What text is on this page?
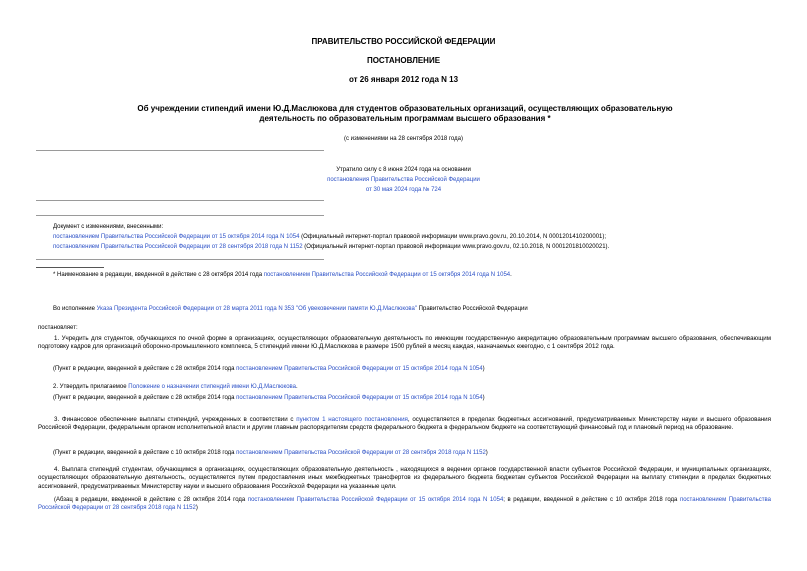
ПРАВИТЕЛЬСТВО РОССИЙСКОЙ ФЕДЕРАЦИИ
ПОСТАНОВЛЕНИЕ
от 26 января 2012 года N 13
Об учреждении стипендий имени Ю.Д.Маслюкова для студентов образовательных организаций, осуществляющих образовательную
деятельность по образовательным программам высшего образования *
(с изменениями на 28 сентября 2018 года)
Утратило силу с 8 июня 2024 года на основании
постановления Правительства Российской Федерации
от 30 мая 2024 года № 724
Документ с изменениями, внесенными:
постановлением Правительства Российской Федерации от 15 октября 2014 года N 1054 (Официальный интернет-портал правовой информации www.pravo.gov.ru, 20.10.2014, N 0001201410200001);
постановлением Правительства Российской Федерации от 28 сентября 2018 года N 1152 (Официальный интернет-портал правовой информации www.pravo.gov.ru, 02.10.2018, N 0001201810020021).
* Наименование в редакции, введенной в действие с 28 октября 2014 года постановлением Правительства Российской Федерации от 15 октября 2014 года N 1054.
Во исполнение Указа Президента Российской Федерации от 28 марта 2011 года N 353 "Об увековечении памяти Ю.Д.Маслюкова" Правительство Российской Федерации
постановляет:
1. Учредить для студентов, обучающихся по очной форме в организациях, осуществляющих образовательную деятельность по имеющим государственную аккредитацию образовательным программам высшего образования, обеспечивающим подготовку кадров для организаций оборонно-промышленного комплекса, 5 стипендий имени Ю.Д.Маслюкова в размере 1500 рублей в месяц каждая, назначаемых ежегодно, с 1 сентября 2012 года.
(Пункт в редакции, введенной в действие с 28 октября 2014 года постановлением Правительства Российской Федерации от 15 октября 2014 года N 1054)
2. Утвердить прилагаемое Положение о назначении стипендий имени Ю.Д.Маслюкова.
(Пункт в редакции, введенной в действие с 28 октября 2014 года постановлением Правительства Российской Федерации от 15 октября 2014 года N 1054)
3. Финансовое обеспечение выплаты стипендий, учрежденных в соответствии с пунктом 1 настоящего постановления, осуществляется в пределах бюджетных ассигнований, предусматриваемых Министерству науки и высшего образования Российской Федерации, федеральным органом исполнительной власти и другим главным распорядителям средств федерального бюджета в федеральном бюджете на соответствующий финансовый год и плановый период на образование.
(Пункт в редакции, введенной в действие с 10 октября 2018 года постановлением Правительства Российской Федерации от 28 сентября 2018 года N 1152)
4. Выплата стипендий студентам, обучающимся в организациях, осуществляющих образовательную деятельность , находящихся в ведении органов государственной власти субъектов Российской Федерации, и муниципальных организациях, осуществляющих образовательную деятельность, осуществляется путем предоставления иных межбюджетных трансфертов из федерального бюджета бюджетам субъектов Российской Федерации на выплату стипендии в пределах бюджетных ассигнований, предусматриваемых Министерству науки и высшего образования Российской Федерации на указанные цели.
(Абзац в редакции, введенной в действие с 28 октября 2014 года постановлением Правительства Российской Федерации от 15 октября 2014 года N 1054; в редакции, введенной в действие с 10 октября 2018 года постановлением Правительства Российской Федерации от 28 сентября 2018 года N 1152)
